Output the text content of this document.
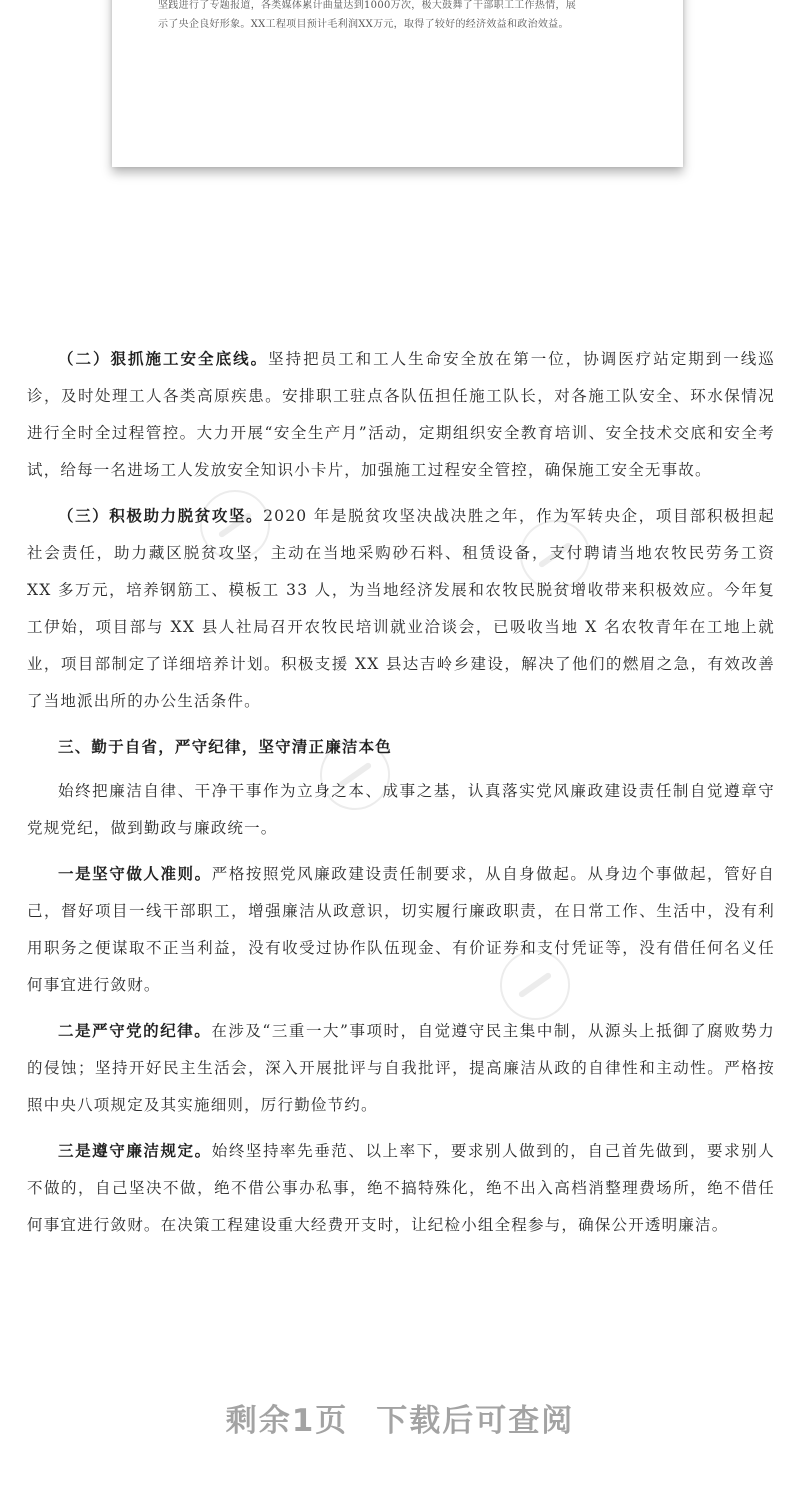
坚践进行了专题报道，各类媒体累计曲量达到1000万次，极大鼓舞了干部职工工作热情，展

示了央企良好形象。XX工程项目预计毛利润XX万元，取得了较好的经济效益和政治效益。

（二）狠抓施工安全底线。坚持把员工和工人生命安全放在第一位，协调医疗站定期到一线巡诊，及时处理工人各类高原疾患。安排职工驻点各队伍担任施工队长，对各施工队安全、环水保情况进行全时全过程管控。大力开展“安全生产月”活动，定期组织安全教育培训、安全技术交底和安全考试，给每一名进场工人发放安全知识小卡片，加强施工过程安全管控，确保施工安全无事故。

（三）积极助力脱贫攻坚。2020 年是脱贫攻坚决战决胜之年，作为军转央企，项目部积极担起社会责任，助力藏区脱贫攻坚，主动在当地采购砂石料、租赁设备，支付聘请当地农牧民劳务工资 XX 多万元，培养钢筋工、模板工 33 人，为当地经济发展和农牧民脱贫增收带来积极效应。今年复工伊始，项目部与 XX 县人社局召开农牧民培训就业洽谈会，已吸收当地 X 名农牧青年在工地上就业，项目部制定了详细培养计划。积极支援 XX 县达吉岭乡建设，解决了他们的燃眉之急，有效改善了当地派出所的办公生活条件。

三、勤于自省，严守纪律，坚守清正廉洁本色

始终把廉洁自律、干净干事作为立身之本、成事之基，认真落实党风廉政建设责任制自觉遵章守党规党纪，做到勤政与廉政统一。

一是坚守做人准则。严格按照党风廉政建设责任制要求，从自身做起。从身边个事做起，管好自己，督好项目一线干部职工，增强廉洁从政意识，切实履行廉政职责，在日常工作、生活中，没有利用职务之便谋取不正当利益，没有收受过协作队伍现金、有价证券和支付凭证等，没有借任何名义任何事宜进行敛财。

二是严守党的纪律。在涉及“三重一大”事项时，自觉遵守民主集中制，从源头上抵御了腐败势力的侵蚀；坚持开好民主生活会，深入开展批评与自我批评，提高廉洁从政的自律性和主动性。严格按照中央八项规定及其实施细则，厉行勤俭节约。

三是遵守廉洁规定。始终坚持率先垂范、以上率下，要求别人做到的，自己首先做到，要求别人不做的，自己坚决不做，绝不借公事办私事，绝不搞特殊化，绝不出入高档消整理费场所，绝不借任何事宜进行敛财。在决策工程建设重大经费开支时，让纪检小组全程参与，确保公开透明廉洁。

剩余1页 下载后可查阅
